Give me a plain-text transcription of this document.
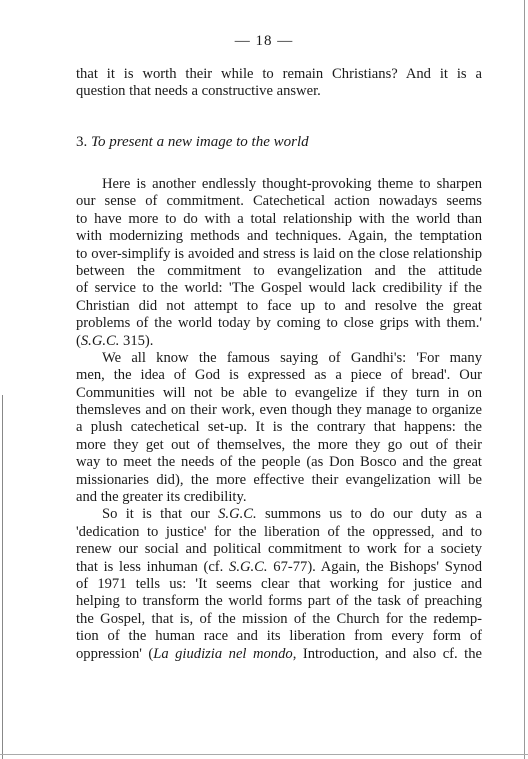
— 18 —
that it is worth their while to remain Christians? And it is a
question that needs a constructive answer.
3. To present a new image to the world
Here is another endlessly thought-provoking theme to sharpen
our sense of commitment. Catechetical action nowadays seems
to have more to do with a total relationship with the world than
with modernizing methods and techniques. Again, the temptation
to over-simplify is avoided and stress is laid on the close relationship
between the commitment to evangelization and the attitude
of service to the world: 'The Gospel would lack credibility if the
Christian did not attempt to face up to and resolve the great
problems of the world today by coming to close grips with them.'
(S.G.C. 315).
We all know the famous saying of Gandhi's: 'For many
men, the idea of God is expressed as a piece of bread'. Our
Communities will not be able to evangelize if they turn in on
themsleves and on their work, even though they manage to organize
a plush catechetical set-up. It is the contrary that happens: the
more they get out of themselves, the more they go out of their
way to meet the needs of the people (as Don Bosco and the great
missionaries did), the more effective their evangelization will be
and the greater its credibility.
So it is that our S.G.C. summons us to do our duty as a
'dedication to justice' for the liberation of the oppressed, and to
renew our social and political commitment to work for a society
that is less inhuman (cf. S.G.C. 67-77). Again, the Bishops' Synod
of 1971 tells us: 'It seems clear that working for justice and
helping to transform the world forms part of the task of preaching
the Gospel, that is, of the mission of the Church for the redemp-
tion of the human race and its liberation from every form of
oppression' (La giudizia nel mondo, Introduction, and also cf. the
